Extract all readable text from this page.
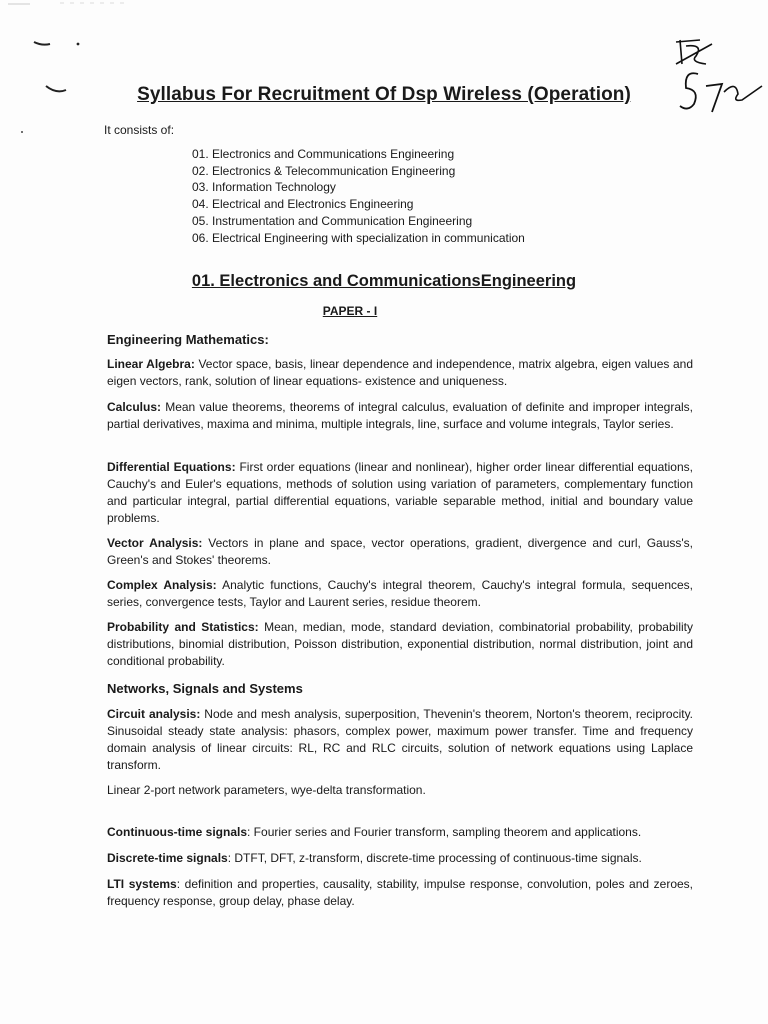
Syllabus For Recruitment Of Dsp Wireless (Operation)
It consists of:
01. Electronics and Communications Engineering
02. Electronics & Telecommunication Engineering
03. Information Technology
04. Electrical and Electronics Engineering
05. Instrumentation and Communication Engineering
06. Electrical Engineering with specialization in communication
01. Electronics and CommunicationsEngineering
PAPER - I
Engineering Mathematics:

Linear Algebra: Vector space, basis, linear dependence and independence, matrix algebra, eigen values and eigen vectors, rank, solution of linear equations- existence and uniqueness.

Calculus: Mean value theorems, theorems of integral calculus, evaluation of definite and improper integrals, partial derivatives, maxima and minima, multiple integrals, line, surface and volume integrals, Taylor series.

Differential Equations: First order equations (linear and nonlinear), higher order linear differential equations, Cauchy's and Euler's equations, methods of solution using variation of parameters, complementary function and particular integral, partial differential equations, variable separable method, initial and boundary value problems.

Vector Analysis: Vectors in plane and space, vector operations, gradient, divergence and curl, Gauss's, Green's and Stokes' theorems.

Complex Analysis: Analytic functions, Cauchy's integral theorem, Cauchy's integral formula, sequences, series, convergence tests, Taylor and Laurent series, residue theorem.

Probability and Statistics: Mean, median, mode, standard deviation, combinatorial probability, probability distributions, binomial distribution, Poisson distribution, exponential distribution, normal distribution, joint and conditional probability.

Networks, Signals and Systems

Circuit analysis: Node and mesh analysis, superposition, Thevenin's theorem, Norton's theorem, reciprocity. Sinusoidal steady state analysis: phasors, complex power, maximum power transfer. Time and frequency domain analysis of linear circuits: RL, RC and RLC circuits, solution of network equations using Laplace transform.

Linear 2-port network parameters, wye-delta transformation.

Continuous-time signals: Fourier series and Fourier transform, sampling theorem and applications.

Discrete-time signals: DTFT, DFT, z-transform, discrete-time processing of continuous-time signals.

LTI systems: definition and properties, causality, stability, impulse response, convolution, poles and zeroes, frequency response, group delay, phase delay.
